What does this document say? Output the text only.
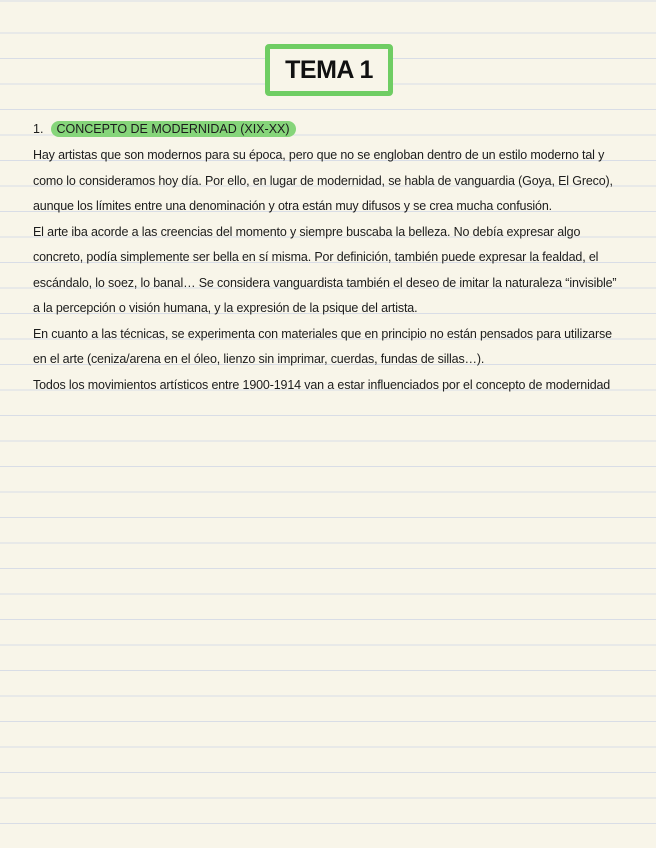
TEMA 1
1. CONCEPTO DE MODERNIDAD (XIX-XX)

Hay artistas que son modernos para su época, pero que no se engloban dentro de un estilo moderno tal y como lo consideramos hoy día. Por ello, en lugar de modernidad, se habla de vanguardia (Goya, El Greco), aunque los límites entre una denominación y otra están muy difusos y se crea mucha confusión.

El arte iba acorde a las creencias del momento y siempre buscaba la belleza. No debía expresar algo concreto, podía simplemente ser bella en sí misma. Por definición, también puede expresar la fealdad, el escándalo, lo soez, lo banal… Se considera vanguardista también el deseo de imitar la naturaleza “invisible” a la percepción o visión humana, y la expresión de la psique del artista.

En cuanto a las técnicas, se experimenta con materiales que en principio no están pensados para utilizarse en el arte (ceniza/arena en el óleo, lienzo sin imprimar, cuerdas, fundas de sillas…).

Todos los movimientos artísticos entre 1900-1914 van a estar influenciados por el concepto de modernidad
